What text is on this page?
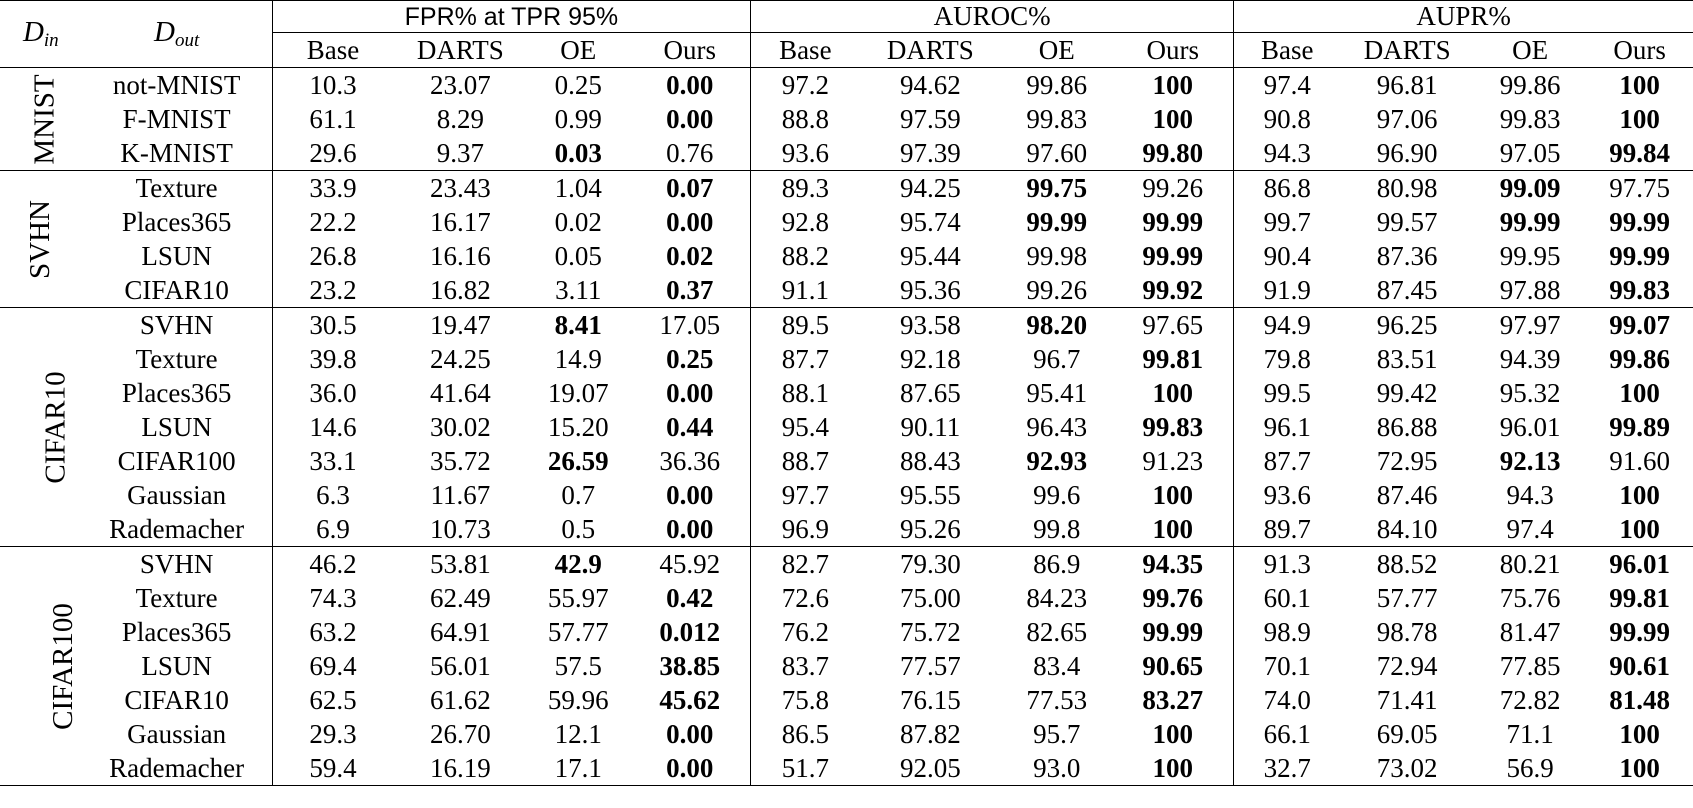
$D_{in}$	$D_{out}$	FPR% at TPR 95%				AUROC%				AUPR%			
		Base	DARTS	OE	Ours	Base	DARTS	OE	Ours	Base	DARTS	OE	Ours
MNIST	not-MNIST	10.3	23.07	0.25	0.00	97.2	94.62	99.86	100	97.4	96.81	99.86	100
	F-MNIST	61.1	8.29	0.99	0.00	88.8	97.59	99.83	100	90.8	97.06	99.83	100
	K-MNIST	29.6	9.37	0.03	0.76	93.6	97.39	97.60	99.80	94.3	96.90	97.05	99.84
SVHN	Texture	33.9	23.43	1.04	0.07	89.3	94.25	99.75	99.26	86.8	80.98	99.09	97.75
	Places365	22.2	16.17	0.02	0.00	92.8	95.74	99.99	99.99	99.7	99.57	99.99	99.99
	LSUN	26.8	16.16	0.05	0.02	88.2	95.44	99.98	99.99	90.4	87.36	99.95	99.99
	CIFAR10	23.2	16.82	3.11	0.37	91.1	95.36	99.26	99.92	91.9	87.45	97.88	99.83
CIFAR10	SVHN	30.5	19.47	8.41	17.05	89.5	93.58	98.20	97.65	94.9	96.25	97.97	99.07
	Texture	39.8	24.25	14.9	0.25	87.7	92.18	96.7	99.81	79.8	83.51	94.39	99.86
	Places365	36.0	41.64	19.07	0.00	88.1	87.65	95.41	100	99.5	99.42	95.32	100
	LSUN	14.6	30.02	15.20	0.44	95.4	90.11	96.43	99.83	96.1	86.88	96.01	99.89
	CIFAR100	33.1	35.72	26.59	36.36	88.7	88.43	92.93	91.23	87.7	72.95	92.13	91.60
	Gaussian	6.3	11.67	0.7	0.00	97.7	95.55	99.6	100	93.6	87.46	94.3	100
	Rademacher	6.9	10.73	0.5	0.00	96.9	95.26	99.8	100	89.7	84.10	97.4	100
CIFAR100	SVHN	46.2	53.81	42.9	45.92	82.7	79.30	86.9	94.35	91.3	88.52	80.21	96.01
	Texture	74.3	62.49	55.97	0.42	72.6	75.00	84.23	99.76	60.1	57.77	75.76	99.81
	Places365	63.2	64.91	57.77	0.012	76.2	75.72	82.65	99.99	98.9	98.78	81.47	99.99
	LSUN	69.4	56.01	57.5	38.85	83.7	77.57	83.4	90.65	70.1	72.94	77.85	90.61
	CIFAR10	62.5	61.62	59.96	45.62	75.8	76.15	77.53	83.27	74.0	71.41	72.82	81.48
	Gaussian	29.3	26.70	12.1	0.00	86.5	87.82	95.7	100	66.1	69.05	71.1	100
	Rademacher	59.4	16.19	17.1	0.00	51.7	92.05	93.0	100	32.7	73.02	56.9	100
